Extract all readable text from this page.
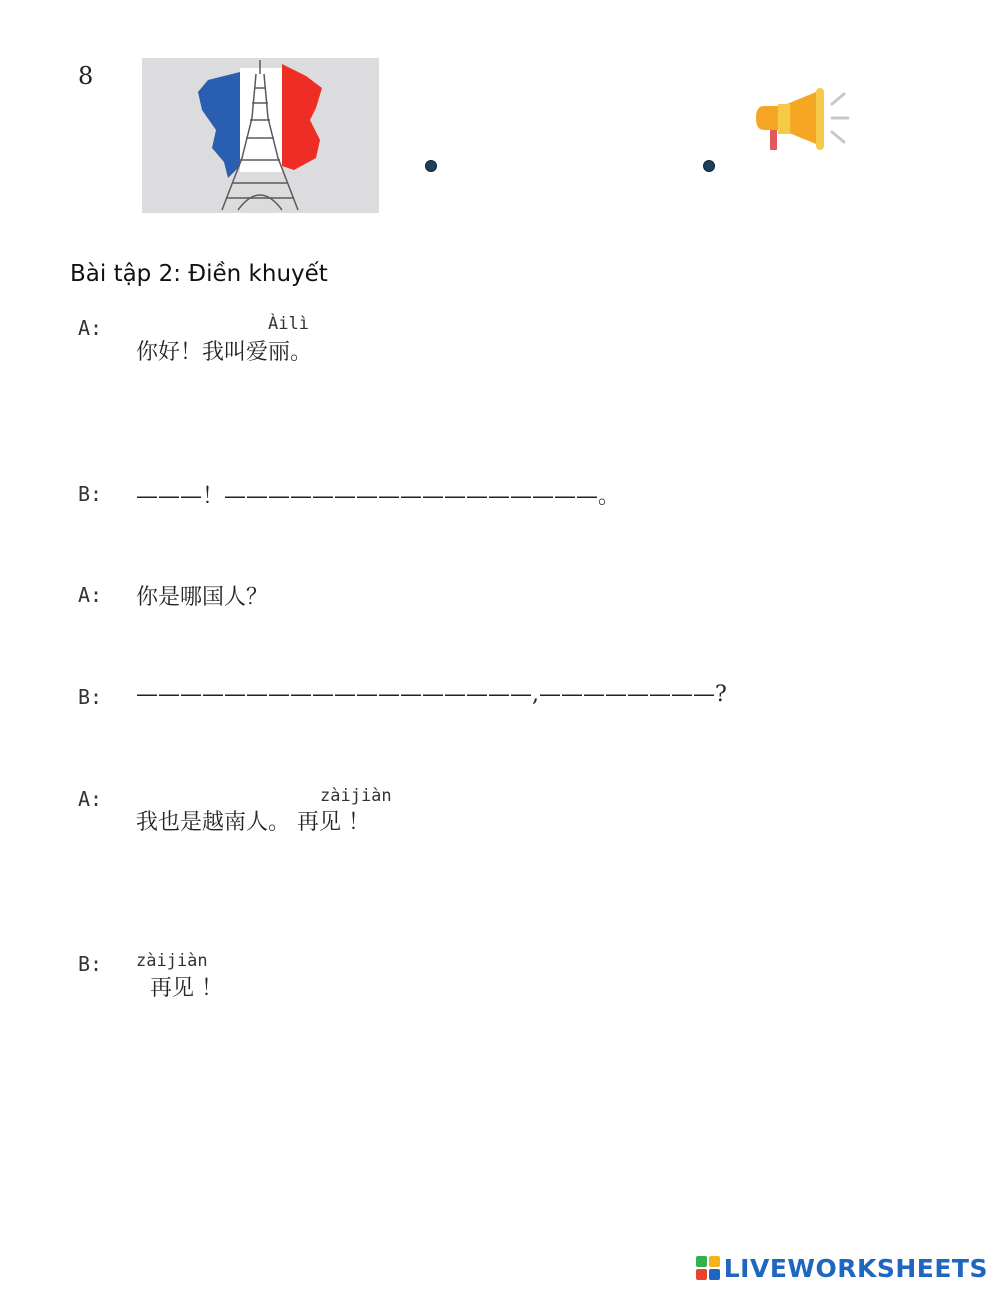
8
Bài tập 2: Điền khuyết
A:	Àilì
你好！我叫爱丽。
B: ———！—————————————————。
A: 你是哪国人？
B: ——————————————————,————————?
A:	zàijiàn
我也是越南人。 再见 ！
B: zàijiàn
再见 ！
LIVEWORKSHEETS
